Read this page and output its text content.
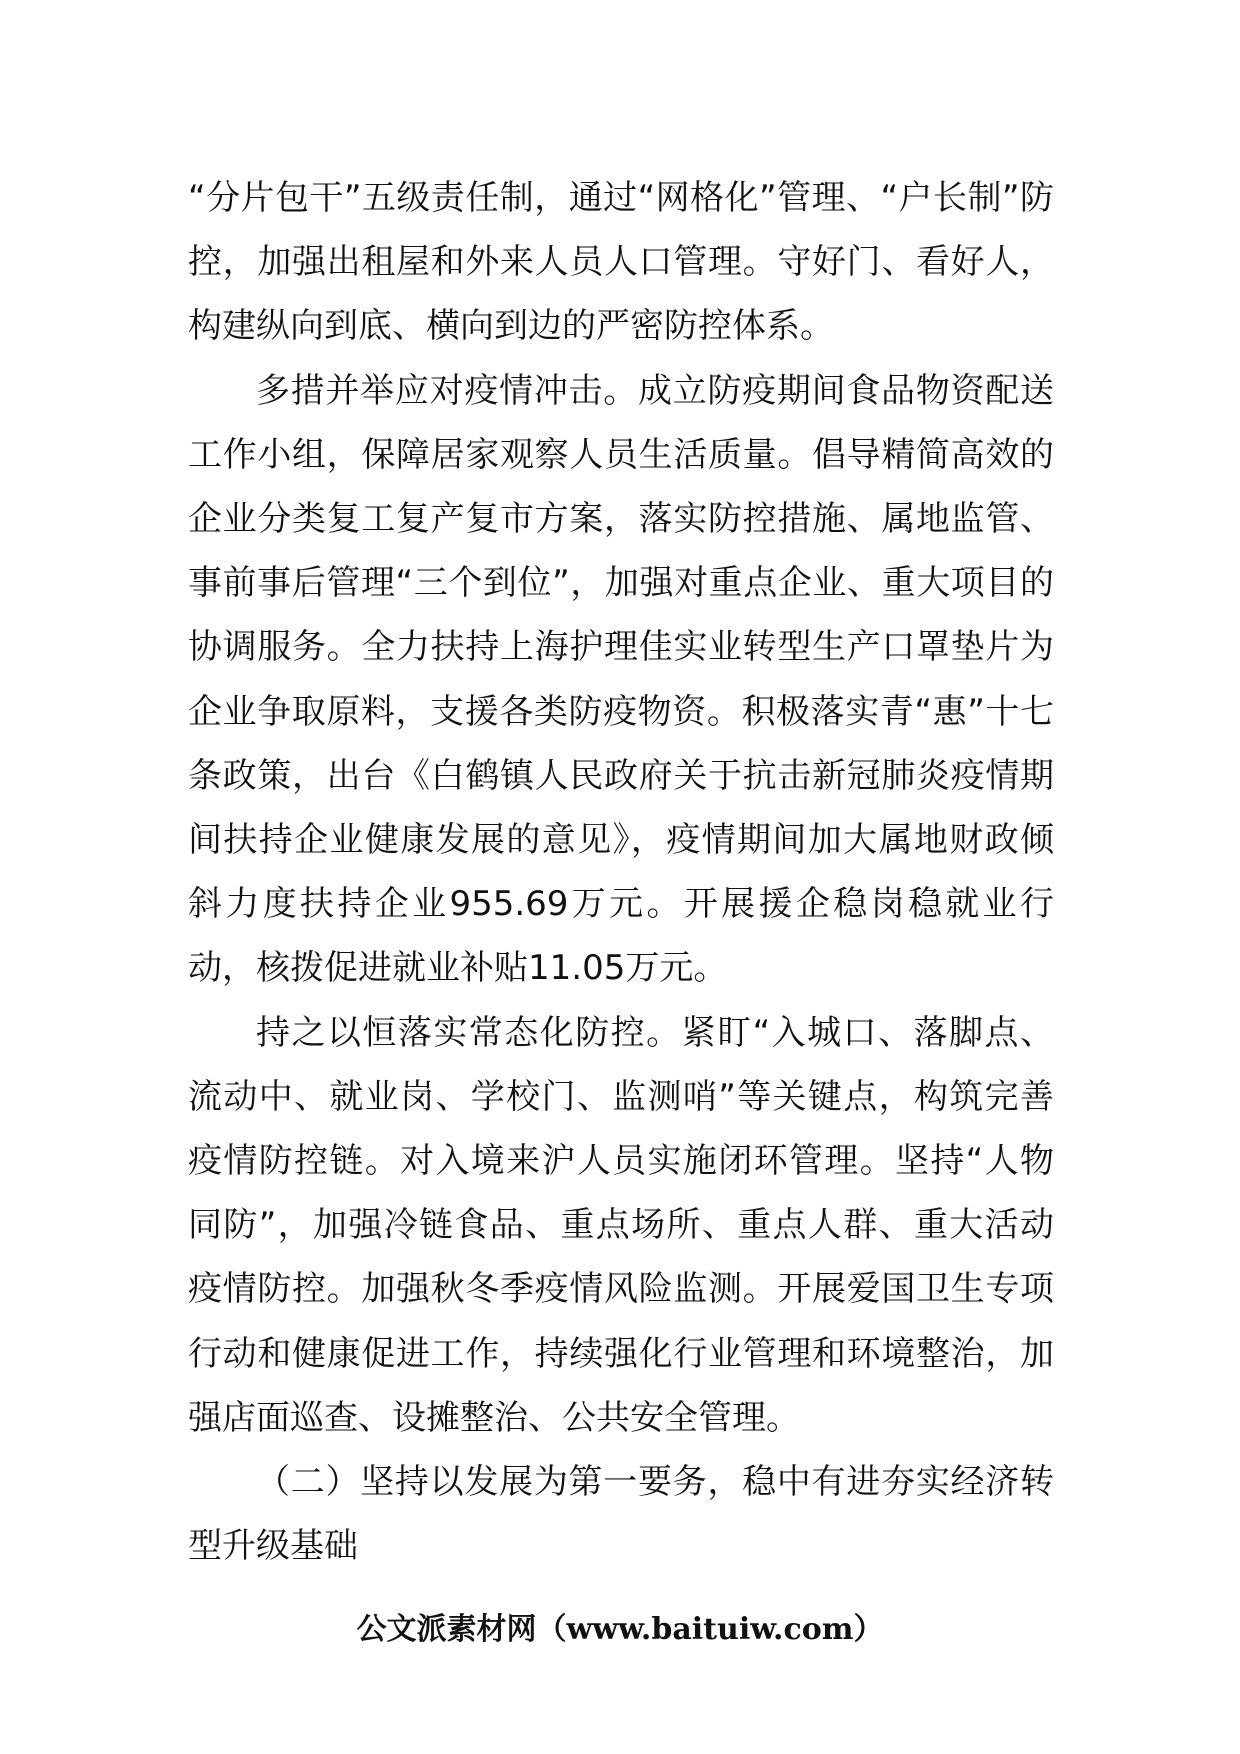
“分片包干”五级责任制，通过“网格化”管理、“户长制”防控，加强出租屋和外来人员人口管理。守好门、看好人，构建纵向到底、横向到边的严密防控体系。

多措并举应对疫情冲击。成立防疫期间食品物资配送工作小组，保障居家观察人员生活质量。倡导精简高效的企业分类复工复产复市方案，落实防控措施、属地监管、事前事后管理“三个到位”，加强对重点企业、重大项目的协调服务。全力扶持上海护理佳实业转型生产口罩垫片为企业争取原料，支援各类防疫物资。积极落实青“惠”十七条政策，出台《白鹤镇人民政府关于抗击新冠肺炎疫情期间扶持企业健康发展的意见》，疫情期间加大属地财政倾斜力度扶持企业955.69万元。开展援企稳岗稳就业行动，核拨促进就业补贴11.05万元。

持之以恒落实常态化防控。紧盯“入城口、落脚点、流动中、就业岗、学校门、监测哨”等关键点，构筑完善疫情防控链。对入境来沪人员实施闭环管理。坚持“人物同防”，加强冷链食品、重点场所、重点人群、重大活动疫情防控。加强秋冬季疫情风险监测。开展爱国卫生专项行动和健康促进工作，持续强化行业管理和环境整治，加强店面巡查、设摊整治、公共安全管理。

（二）坚持以发展为第一要务，稳中有进夯实经济转型升级基础

公文派素材网（www.baituiw.com）
